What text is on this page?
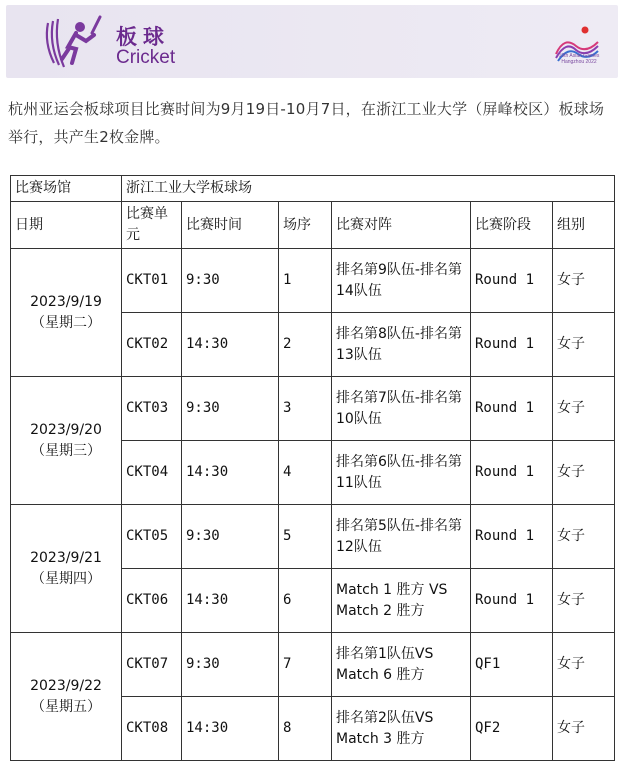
板球
Cricket	19th Asian Games
Hangzhou 2022
杭州亚运会板球项目比赛时间为9月19日-10月7日，在浙江工业大学（屏峰校区）板球场举行，共产生2枚金牌。
比赛场馆	浙江工业大学板球场					
日期	比赛单元	比赛时间	场序	比赛对阵	比赛阶段	组别

2023/9/19
（星期二）	CKT01	9:30	1	排名第9队伍-排名第14队伍	Round 1	女子
	CKT02	14:30	2	排名第8队伍-排名第13队伍	Round 1	女子

2023/9/20
（星期三）	CKT03	9:30	3	排名第7队伍-排名第10队伍	Round 1	女子
	CKT04	14:30	4	排名第6队伍-排名第11队伍	Round 1	女子

2023/9/21
（星期四）	CKT05	9:30	5	排名第5队伍-排名第12队伍	Round 1	女子
	CKT06	14:30	6	Match 1 胜方 VS Match 2 胜方	Round 1	女子

2023/9/22
（星期五）	CKT07	9:30	7	排名第1队伍VS Match 6 胜方	QF1	女子
	CKT08	14:30	8	排名第2队伍VS Match 3 胜方	QF2	女子
